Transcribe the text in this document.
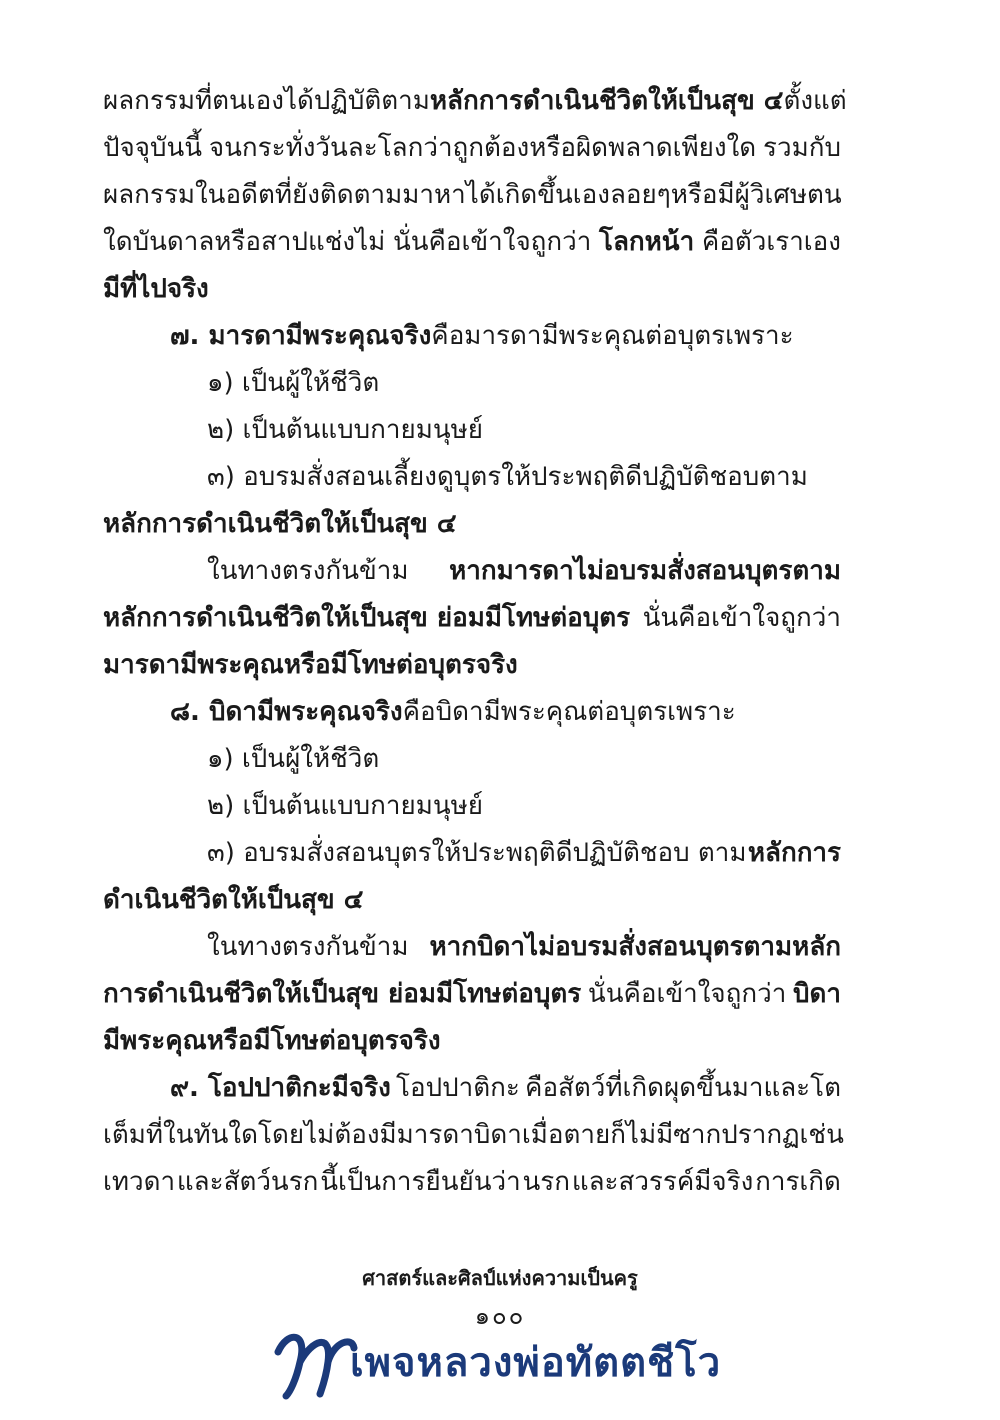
ผลกรรมที่ตนเองได้ปฏิบัติตาม หลักการดำเนินชีวิตให้เป็นสุข ๔ ตั้งแต่
ปัจจุบันนี้ จนกระทั่งวันละโลกว่าถูกต้องหรือผิดพลาดเพียงใด รวมกับ
ผลกรรมในอดีตที่ยังติดตามมา หาได้เกิดขึ้นเองลอยๆ หรือมีผู้วิเศษตน
ใดบันดาลหรือสาปแช่งไม่ นั่นคือเข้าใจถูกว่า โลกหน้า คือตัวเราเอง
มีที่ไปจริง
๗. มารดามีพระคุณจริง คือมารดามีพระคุณต่อบุตรเพราะ
๑) เป็นผู้ให้ชีวิต
๒) เป็นต้นแบบกายมนุษย์
๓) อบรมสั่งสอนเลี้ยงดูบุตรให้ประพฤติดีปฏิบัติชอบตาม
หลักการดำเนินชีวิตให้เป็นสุข ๔
ในทางตรงกันข้าม หากมารดาไม่อบรมสั่งสอนบุตรตาม
หลักการดำเนินชีวิตให้เป็นสุข ย่อมมีโทษต่อบุตร นั่นคือเข้าใจถูกว่า
มารดามีพระคุณหรือมีโทษต่อบุตรจริง
๘. บิดามีพระคุณจริง คือบิดามีพระคุณต่อบุตรเพราะ
๑) เป็นผู้ให้ชีวิต
๒) เป็นต้นแบบกายมนุษย์
๓) อบรมสั่งสอนบุตรให้ประพฤติดีปฏิบัติชอบ ตาม หลักการ
ดำเนินชีวิตให้เป็นสุข ๔
ในทางตรงกันข้าม หากบิดาไม่อบรมสั่งสอนบุตรตามหลัก
การดำเนินชีวิตให้เป็นสุข ย่อมมีโทษต่อบุตร นั่นคือเข้าใจถูกว่า บิดา
มีพระคุณหรือมีโทษต่อบุตรจริง
๙. โอปปาติกะมีจริง โอปปาติกะ คือสัตว์ที่เกิดผุดขึ้นมาและโต
เต็มที่ในทันใด โดยไม่ต้องมีมารดาบิดา เมื่อตายก็ไม่มีซากปรากฏ เช่น
เทวดา และสัตว์นรก นี้เป็นการยืนยันว่า นรก และสวรรค์มีจริง การเกิด
ศาสตร์และศิลป์แห่งความเป็นครู
๑๐๐
เพจหลวงพ่อทัตตชีโว
